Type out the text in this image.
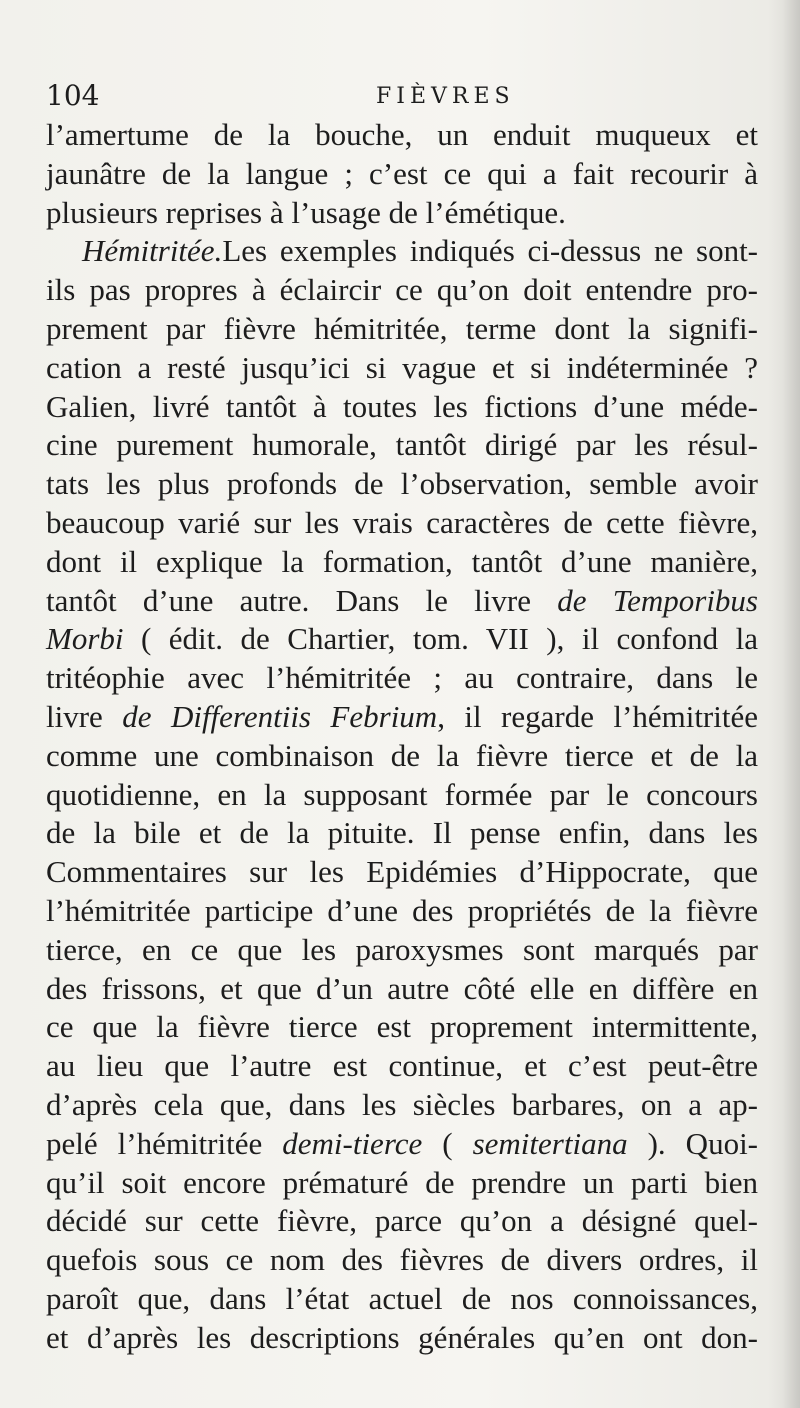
104	FIÈVRES
l’amertume de la bouche, un enduit muqueux et
jaunâtre de la langue ; c’est ce qui a fait recourir à
plusieurs reprises à l’usage de l’émétique.
Hémitritée.Les exemples indiqués ci-dessus ne sont-
ils pas propres à éclaircir ce qu’on doit entendre pro-
prement par fièvre hémitritée, terme dont la signifi-
cation a resté jusqu’ici si vague et si indéterminée ?
Galien, livré tantôt à toutes les fictions d’une méde-
cine purement humorale, tantôt dirigé par les résul-
tats les plus profonds de l’observation, semble avoir
beaucoup varié sur les vrais caractères de cette fièvre,
dont il explique la formation, tantôt d’une manière,
tantôt d’une autre. Dans le livre de Temporibus
Morbi ( édit. de Chartier, tom. VII ), il confond la
tritéophie avec l’hémitritée ; au contraire, dans le
livre de Differentiis Febrium, il regarde l’hémitritée
comme une combinaison de la fièvre tierce et de la
quotidienne, en la supposant formée par le concours
de la bile et de la pituite. Il pense enfin, dans les
Commentaires sur les Epidémies d’Hippocrate, que
l’hémitritée participe d’une des propriétés de la fièvre
tierce, en ce que les paroxysmes sont marqués par
des frissons, et que d’un autre côté elle en diffère en
ce que la fièvre tierce est proprement intermittente,
au lieu que l’autre est continue, et c’est peut-être
d’après cela que, dans les siècles barbares, on a ap-
pelé l’hémitritée demi-tierce ( semitertiana ). Quoi-
qu’il soit encore prématuré de prendre un parti bien
décidé sur cette fièvre, parce qu’on a désigné quel-
quefois sous ce nom des fièvres de divers ordres, il
paroît que, dans l’état actuel de nos connoissances,
et d’après les descriptions générales qu’en ont don-
